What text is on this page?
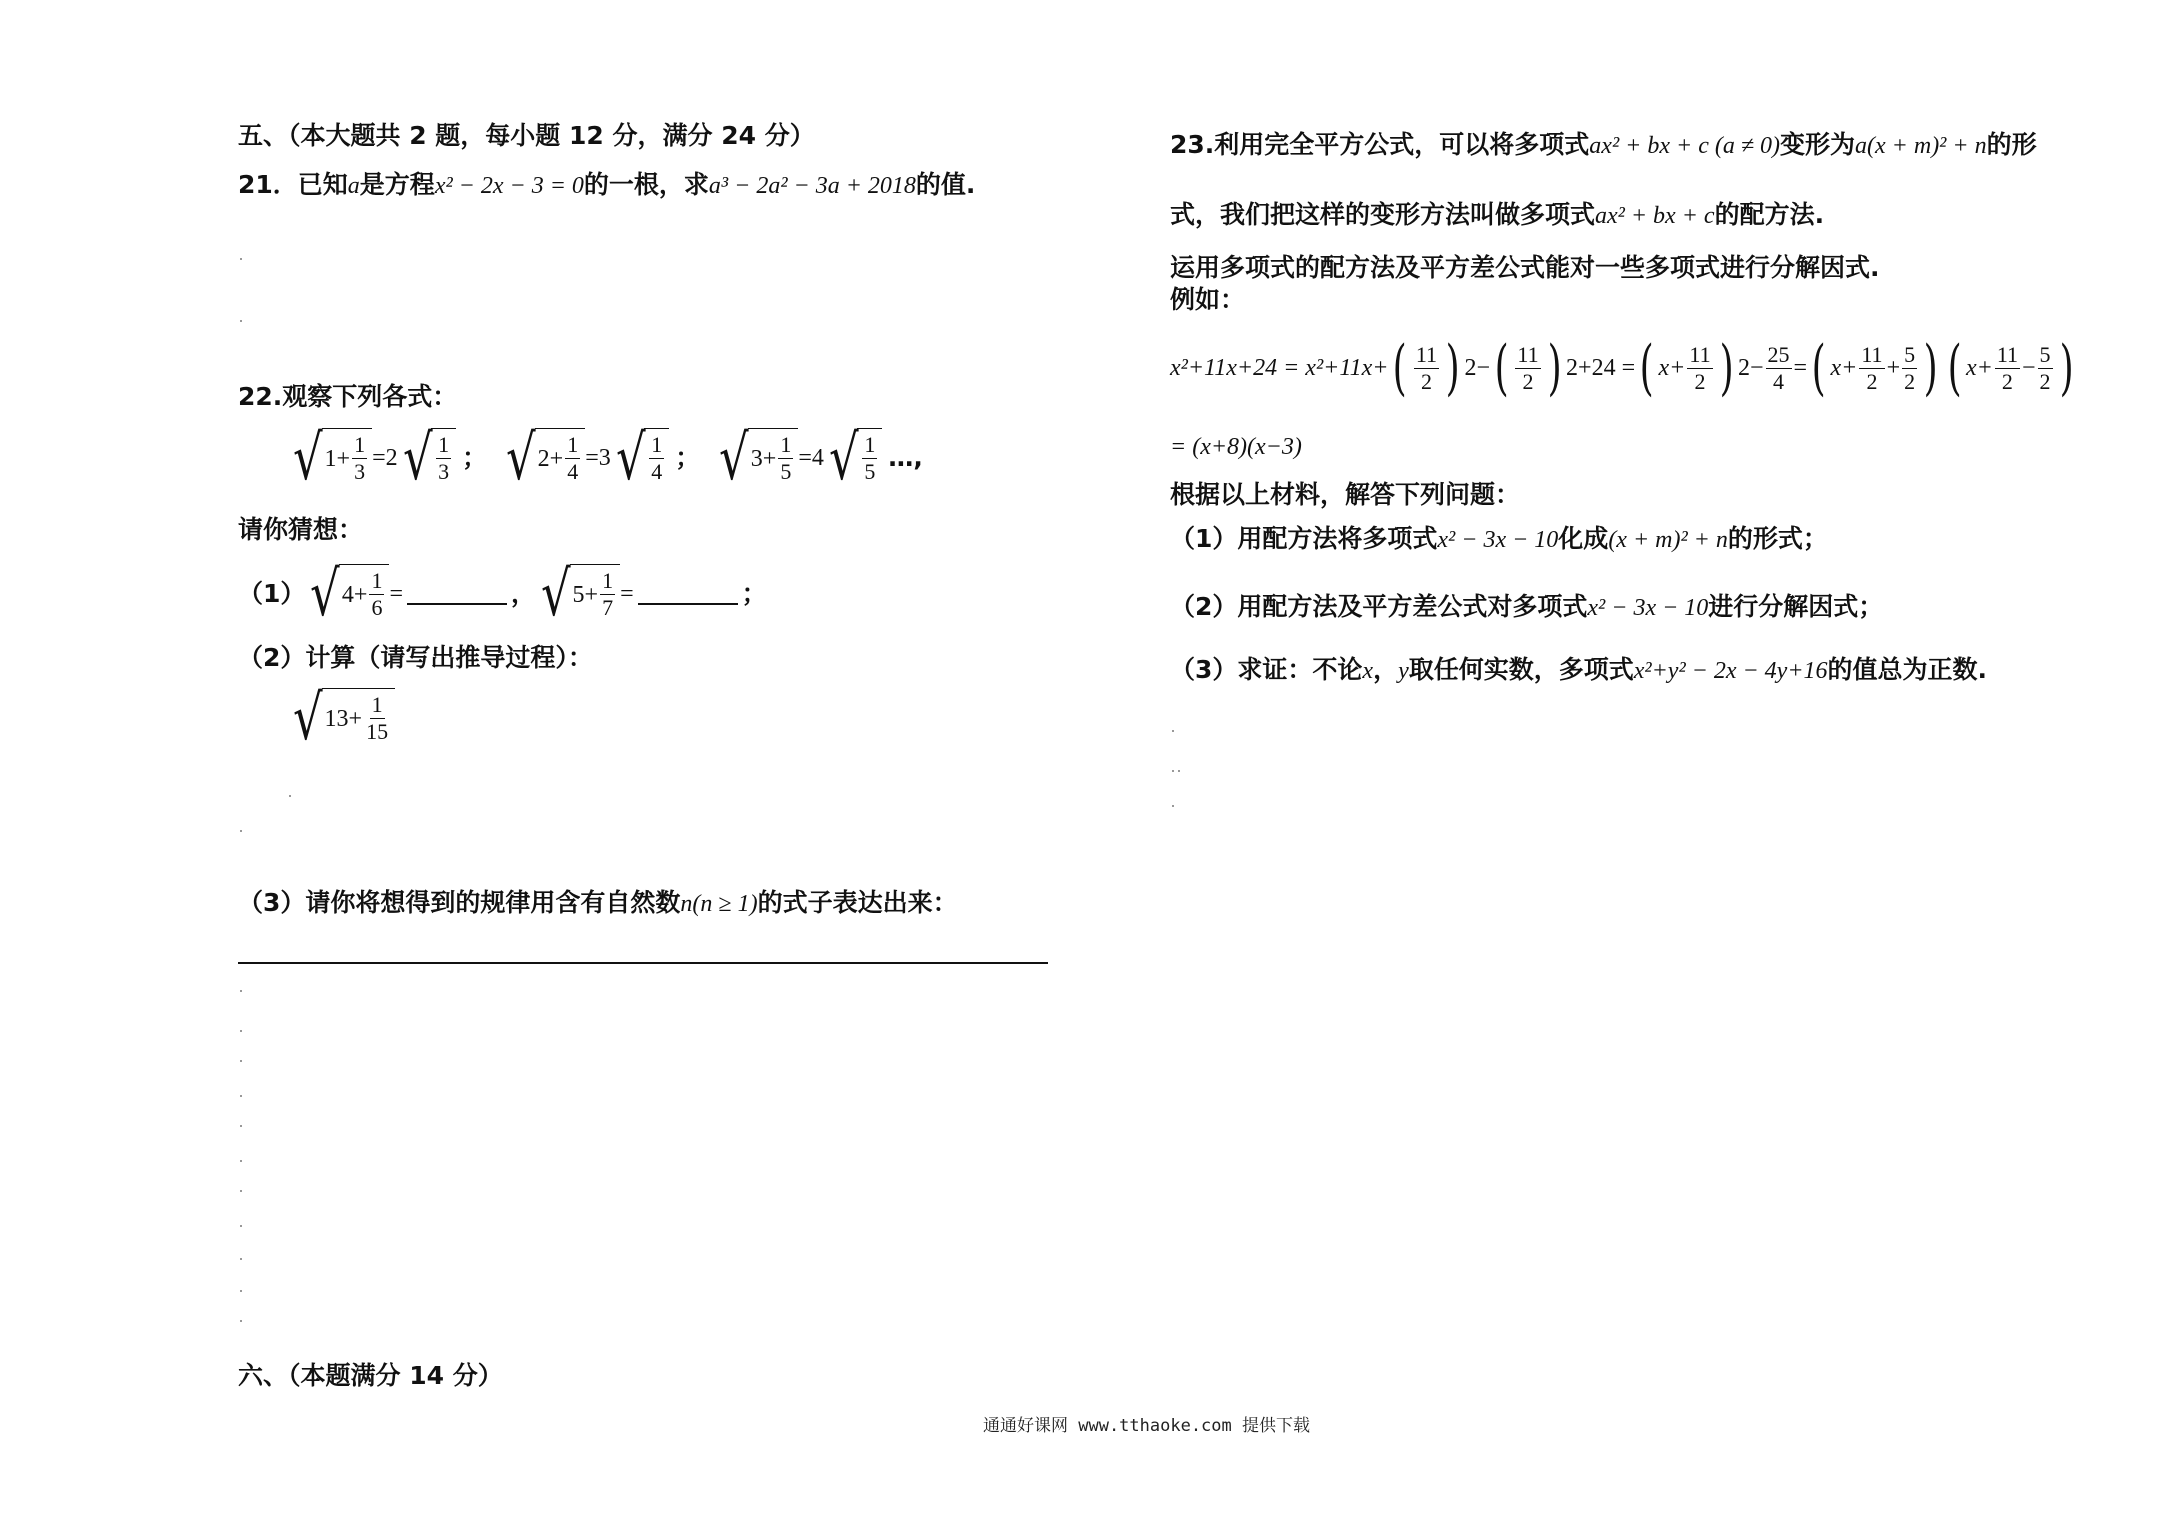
五、（本大题共 2 题，每小题 12 分，满分 24 分）
21．已知a是方程x² − 2x − 3 = 0的一根，求a³ − 2a² − 3a + 2018的值.
22.观察下列各式：
√ $1+ \frac{1}{3} = 2$ √ $\frac{1}{3}$ ； √ $2+ \frac{1}{4} = 3$ √ $\frac{1}{4}$ ； √ $3+ \frac{1}{5} = 4$ √ $\frac{1}{5}$ …,
请你猜想：
（1） √ $4+ \frac{1}{6}$ =	， √ $5+ \frac{1}{7}$ =	；
（2）计算（请写出推导过程）：
√ $13+ \frac{1}{15}$
（3）请你将想得到的规律用含有自然数n(n ≥ 1)的式子表达出来：
六、（本题满分 14 分）
23.利用完全平方公式，可以将多项式ax² + bx + c (a ≠ 0)变形为a(x + m)² + n的形
式，我们把这样的变形方法叫做多项式ax² + bx + c的配方法.
运用多项式的配方法及平方差公式能对一些多项式进行分解因式.
例如：
x²+11x+24 = x²+11x+ ( $\frac{11}{2}$ ) 2 − ( $\frac{11}{2}$ ) 2 +24 = ( $x+ \frac{11}{2}$ ) $2 - \frac{25}{4}$ = ( $x+ \frac{11}{2} + \frac{5}{2}$ ) ( $x+ \frac{11}{2} - \frac{5}{2}$ )
= (x+8)(x−3)
根据以上材料，解答下列问题：
（1）用配方法将多项式x² − 3x − 10化成(x + m)² + n的形式；
（2）用配方法及平方差公式对多项式x² − 3x − 10进行分解因式；
（3）求证：不论x，y取任何实数，多项式x²+y² − 2x − 4y+16的值总为正数.
通通好课网 www.tthaoke.com 提供下载
